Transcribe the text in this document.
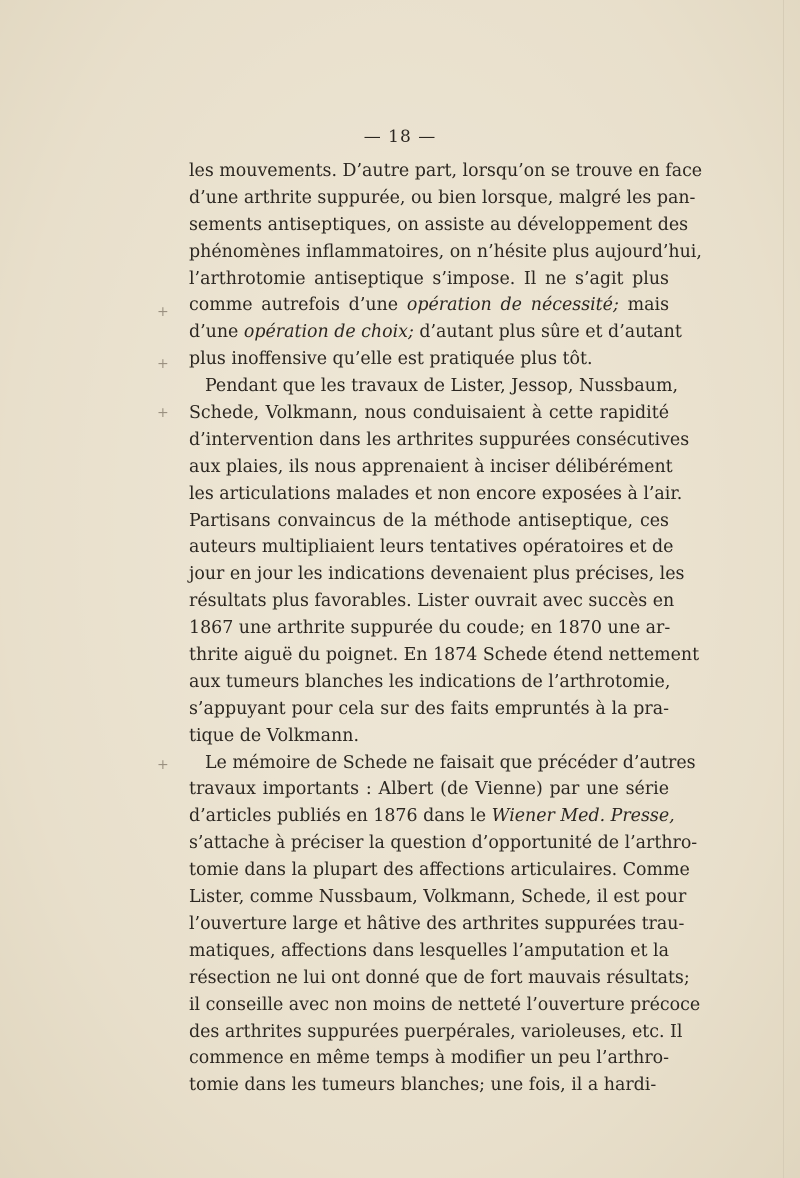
— 18 —
+
+
+
+
les mouvements. D’autre part, lorsqu’on se trouve en face
d’une arthrite suppurée, ou bien lorsque, malgré les pan-
sements antiseptiques, on assiste au développement des
phénomènes inflammatoires, on n’hésite plus aujourd’hui,
l’arthrotomie antiseptique s’impose. Il ne s’agit plus
comme autrefois d’une opération de nécessité; mais
d’une opération de choix; d’autant plus sûre et d’autant
plus inoffensive qu’elle est pratiquée plus tôt.
Pendant que les travaux de Lister, Jessop, Nussbaum,
Schede, Volkmann, nous conduisaient à cette rapidité
d’intervention dans les arthrites suppurées consécutives
aux plaies, ils nous apprenaient à inciser délibérément
les articulations malades et non encore exposées à l’air.
Partisans convaincus de la méthode antiseptique, ces
auteurs multipliaient leurs tentatives opératoires et de
jour en jour les indications devenaient plus précises, les
résultats plus favorables. Lister ouvrait avec succès en
1867 une arthrite suppurée du coude; en 1870 une ar-
thrite aiguë du poignet. En 1874 Schede étend nettement
aux tumeurs blanches les indications de l’arthrotomie,
s’appuyant pour cela sur des faits empruntés à la pra-
tique de Volkmann.
Le mémoire de Schede ne faisait que précéder d’autres
travaux importants : Albert (de Vienne) par une série
d’articles publiés en 1876 dans le Wiener Med. Presse,
s’attache à préciser la question d’opportunité de l’arthro-
tomie dans la plupart des affections articulaires. Comme
Lister, comme Nussbaum, Volkmann, Schede, il est pour
l’ouverture large et hâtive des arthrites suppurées trau-
matiques, affections dans lesquelles l’amputation et la
résection ne lui ont donné que de fort mauvais résultats;
il conseille avec non moins de netteté l’ouverture précoce
des arthrites suppurées puerpérales, varioleuses, etc. Il
commence en même temps à modifier un peu l’arthro-
tomie dans les tumeurs blanches; une fois, il a hardi-
